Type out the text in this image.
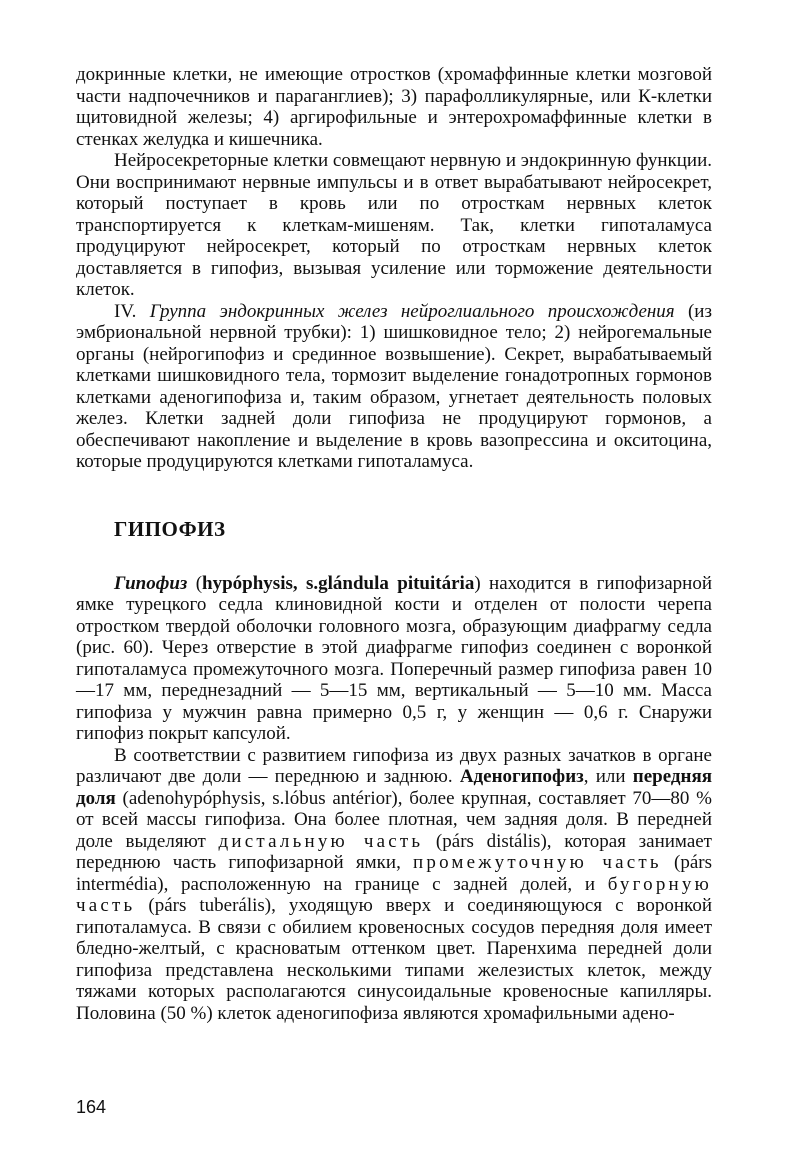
докринные клетки, не имеющие отростков (хромаффинные клетки мозговой части надпочечников и параганглиев); 3) парафолликулярные, или К-клетки щитовидной железы; 4) аргирофильные и энтерохромаффинные клетки в стенках желудка и кишечника.

Нейросекреторные клетки совмещают нервную и эндокринную функции. Они воспринимают нервные импульсы и в ответ вырабатывают нейросекрет, который поступает в кровь или по отросткам нервных клеток транспортируется к клеткам-мишеням. Так, клетки гипоталамуса продуцируют нейросекрет, который по отросткам нервных клеток доставляется в гипофиз, вызывая усиление или торможение деятельности клеток.

IV. Группа эндокринных желез нейроглиального происхождения (из эмбриональной нервной трубки): 1) шишковидное тело; 2) нейрогемальные органы (нейрогипофиз и срединное возвышение). Секрет, вырабатываемый клетками шишковидного тела, тормозит выделение гонадотропных гормонов клетками аденогипофиза и, таким образом, угнетает деятельность половых желез. Клетки задней доли гипофиза не продуцируют гормонов, а обеспечивают накопление и выделение в кровь вазопрессина и окситоцина, которые продуцируются клетками гипоталамуса.

ГИПОФИЗ

Гипофиз (hypóphysis, s.glándula pituitária) находится в гипофизарной ямке турецкого седла клиновидной кости и отделен от полости черепа отростком твердой оболочки головного мозга, образующим диафрагму седла (рис. 60). Через отверстие в этой диафрагме гипофиз соединен с воронкой гипоталамуса промежуточного мозга. Поперечный размер гипофиза равен 10—17 мм, переднезадний — 5—15 мм, вертикальный — 5—10 мм. Масса гипофиза у мужчин равна примерно 0,5 г, у женщин — 0,6 г. Снаружи гипофиз покрыт капсулой.

В соответствии с развитием гипофиза из двух разных зачатков в органе различают две доли — переднюю и заднюю. Аденогипофиз, или передняя доля (adenohypóphysis, s.lóbus antérior), более крупная, составляет 70—80 % от всей массы гипофиза. Она более плотная, чем задняя доля. В передней доле выделяют дистальную часть (párs distális), которая занимает переднюю часть гипофизарной ямки, промежуточную часть (párs intermédia), расположенную на границе с задней долей, и бугорную часть (párs tuberális), уходящую вверх и соединяющуюся с воронкой гипоталамуса. В связи с обилием кровеносных сосудов передняя доля имеет бледно-желтый, с красноватым оттенком цвет. Паренхима передней доли гипофиза представлена несколькими типами железистых клеток, между тяжами которых располагаются синусоидальные кровеносные капилляры. Половина (50 %) клеток аденогипофиза являются хромафильными адено-

164
